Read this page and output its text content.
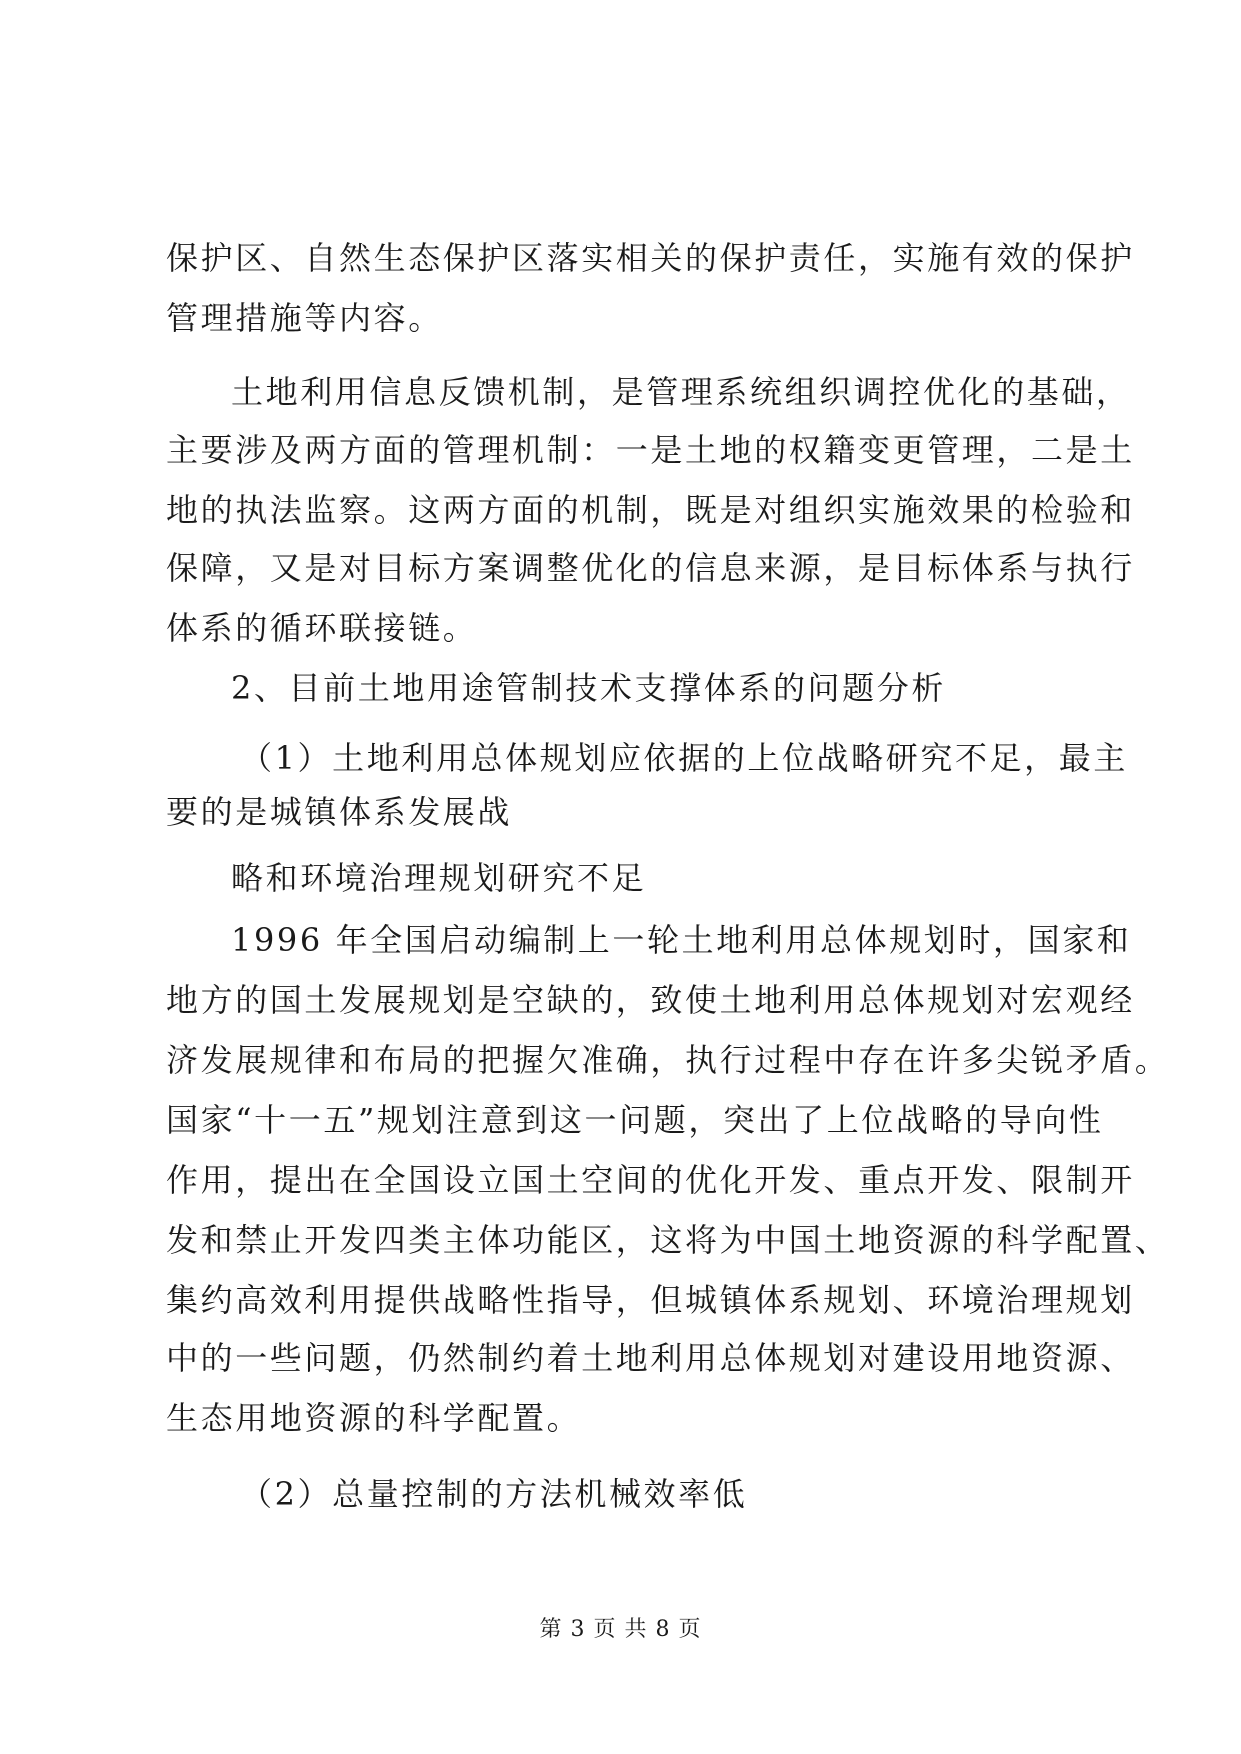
保护区、自然生态保护区落实相关的保护责任，实施有效的保护
管理措施等内容。
土地利用信息反馈机制，是管理系统组织调控优化的基础，
主要涉及两方面的管理机制：一是土地的权籍变更管理，二是土
地的执法监察。这两方面的机制，既是对组织实施效果的检验和
保障，又是对目标方案调整优化的信息来源，是目标体系与执行
体系的循环联接链。
2、目前土地用途管制技术支撑体系的问题分析
（1）土地利用总体规划应依据的上位战略研究不足，最主
要的是城镇体系发展战
略和环境治理规划研究不足
1996 年全国启动编制上一轮土地利用总体规划时，国家和
地方的国土发展规划是空缺的，致使土地利用总体规划对宏观经
济发展规律和布局的把握欠准确，执行过程中存在许多尖锐矛盾。
国家“十一五”规划注意到这一问题，突出了上位战略的导向性
作用，提出在全国设立国土空间的优化开发、重点开发、限制开
发和禁止开发四类主体功能区，这将为中国土地资源的科学配置、
集约高效利用提供战略性指导，但城镇体系规划、环境治理规划
中的一些问题，仍然制约着土地利用总体规划对建设用地资源、
生态用地资源的科学配置。
（2）总量控制的方法机械效率低
第 3 页 共 8 页
